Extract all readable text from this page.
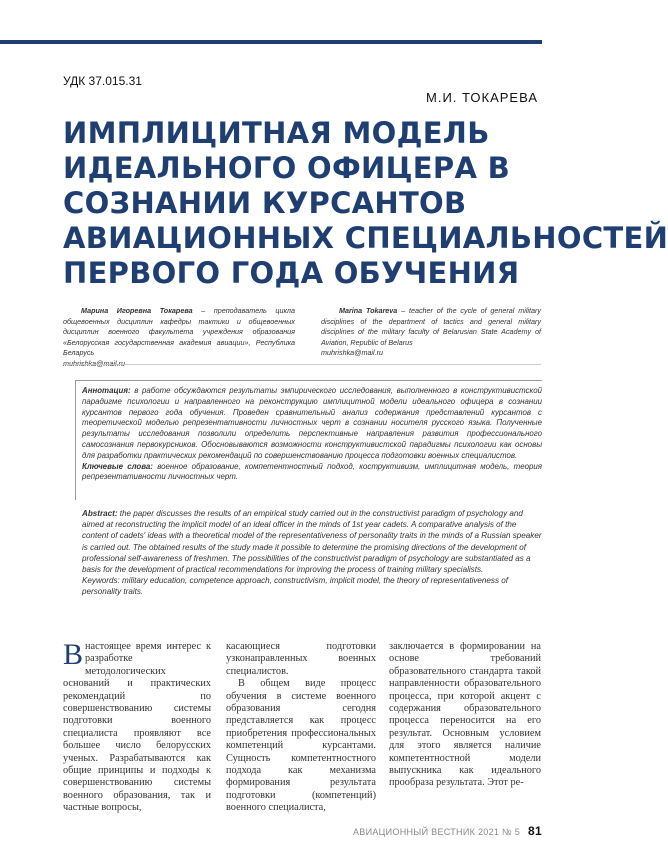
УДК 37.015.31
М.И. ТОКАРЕВА
ИМПЛИЦИТНАЯ МОДЕЛЬ
ИДЕАЛЬНОГО ОФИЦЕРА В
СОЗНАНИИ КУРСАНТОВ
АВИАЦИОННЫХ СПЕЦИАЛЬНОСТЕЙ
ПЕРВОГО ГОДА ОБУЧЕНИЯ
Марина Игоревна Токарева – преподаватель цикла общевоенных дисциплин кафедры тактики и общевоенных дисциплин военного факультета учреждения образования «Белорусская государственная академия авиации», Республика Беларусь
muhrishka@mail.ru
Marina Tokareva – teacher of the cycle of general military disciplines of the department of tactics and general military disciplines of the military faculty of Belarusian State Academy of Aviation, Republic of Belarus
muhrishka@mail.ru
Аннотация: в работе обсуждаются результаты эмпирического исследования, выполненного в конструктивистской парадигме психологии и направленного на реконструкцию имплицитной модели идеального офицера в сознании курсантов первого года обучения. Проведен сравнительный анализ содержания представлений курсантов с теоретической моделью репрезентативности личностных черт в сознании носителя русского языка. Полученные результаты исследования позволили определить перспективные направления развития профессионального самосознания первокурсников. Обосновываются возможности конструктивистской парадигмы психологии как основы для разработки практических рекомендаций по совершенствованию процесса подготовки военных специалистов.
Ключевые слова: военное образование, компетентностный подход, коструктивизм, имплицитная модель, теория репрезентативности личностных черт.
Abstract: the paper discusses the results of an empirical study carried out in the constructivist paradigm of psychology and aimed at reconstructing the implicit model of an ideal officer in the minds of 1st year cadets. A comparative analysis of the content of cadets' ideas with a theoretical model of the representativeness of personality traits in the minds of a Russian speaker is carried out. The obtained results of the study made it possible to determine the promising directions of the development of professional self-awareness of freshmen. The possibilities of the constructivist paradigm of psychology are substantiated as a basis for the development of practical recommendations for improving the process of training military specialists.
Keywords: military education, competence approach, constructivism, implicit model, the theory of representativeness of personality traits.
Внастоящее время интерес к разработке методологических оснований и практических рекомендаций по совершенствованию системы подготовки военного специалиста проявляют все большее число белорусских ученых. Разрабатываются как общие принципы и подходы к совершенствованию системы военного образования, так и частные вопросы,
касающиеся подготовки узконаправленных военных специалистов.
В общем виде процесс обучения в системе военного образования сегодня представляется как процесс приобретения профессиональных компетенций курсантами. Сущность компетентностного подхода как механизма формирования результата подготовки (компетенций) военного специалиста,
заключается в формировании на основе требований образовательного стандарта такой направленности образовательного процесса, при которой акцент с содержания образовательного процесса переносится на его результат. Основным условием для этого является наличие компетентностной модели выпускника как идеального прообраза результата. Этот ре-
АВИАЦИОННЫЙ ВЕСТНИК 2021 № 5 81
